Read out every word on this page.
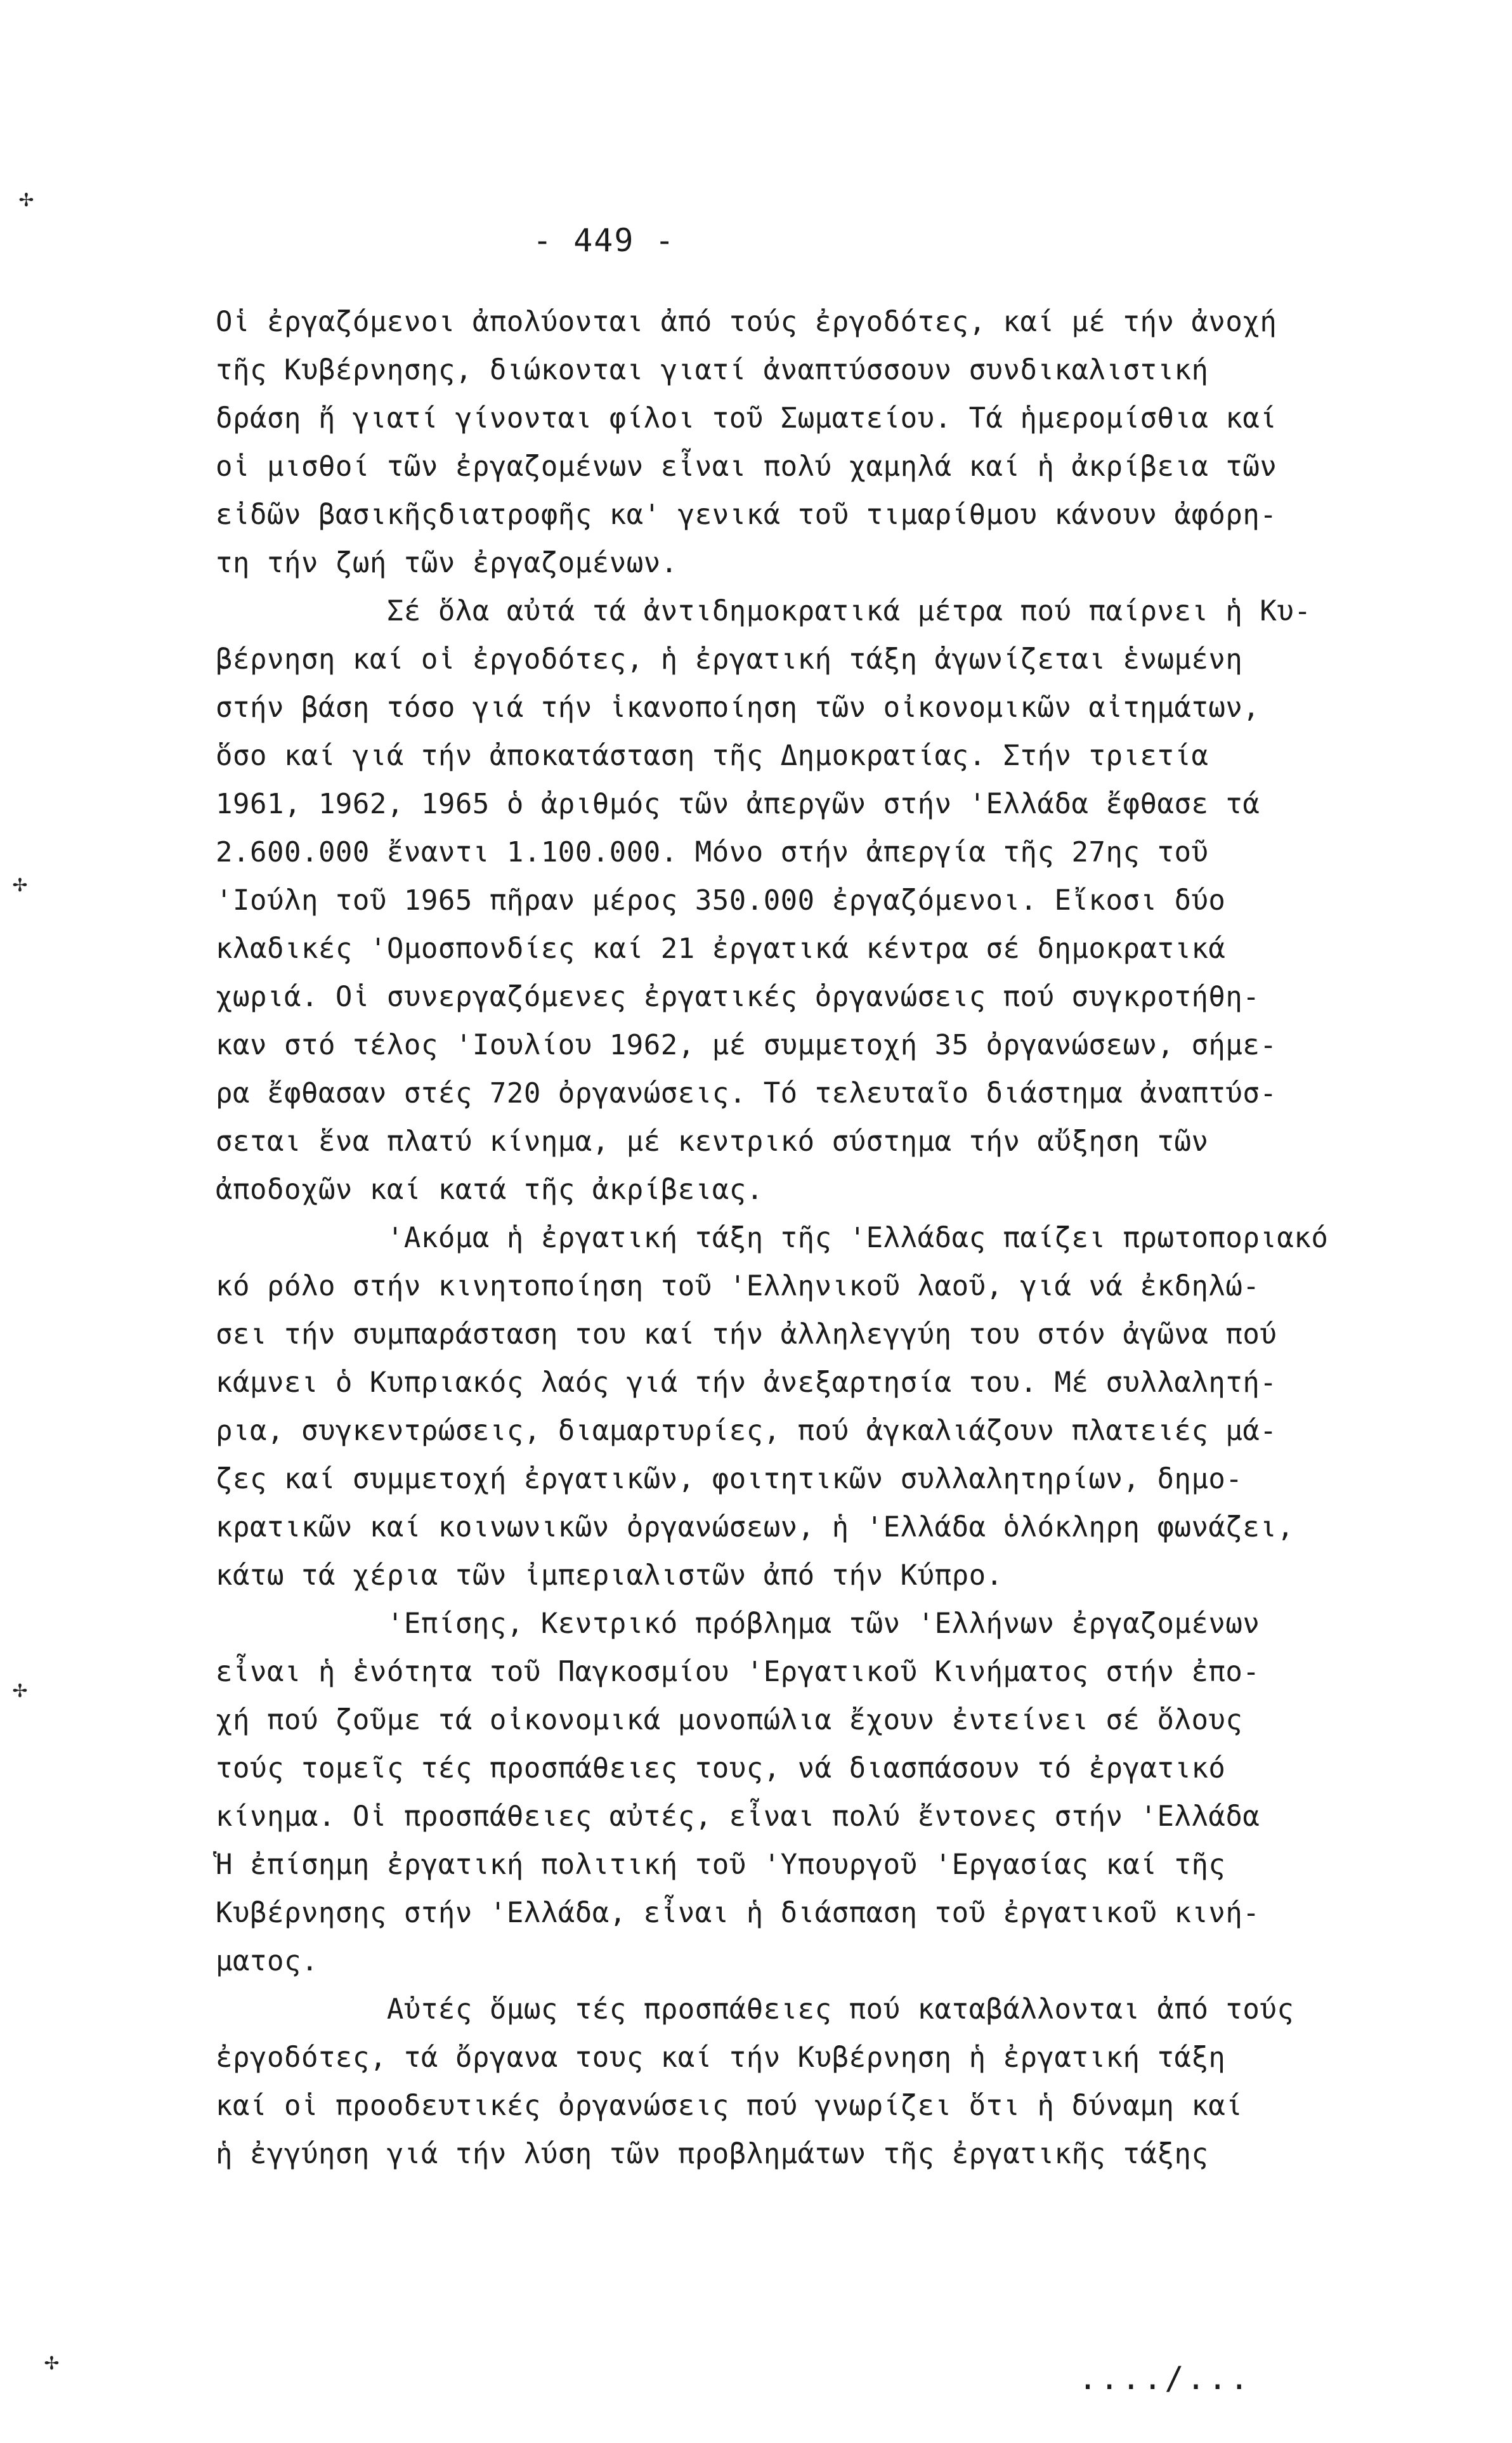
✢
✢
✢
✢
- 449 -
Οἱ ἐργαζόμενοι ἀπολύονται ἀπό τούς ἐργοδότες, καί μέ τήν ἀνοχή
τῆς Κυβέρνησης, διώκονται γιατί ἀναπτύσσουν συνδικαλιστική
δράση ἤ γιατί γίνονται φίλοι τοῦ Σωματείου. Τά ἡμερομίσθια καί
οἱ μισθοί τῶν ἐργαζομένων εἶναι πολύ χαμηλά καί ἡ ἀκρίβεια τῶν
εἰδῶν βασικῆςδιατροφῆς κα' γενικά τοῦ τιμαρίθμου κάνουν ἀφόρη-
τη τήν ζωή τῶν ἐργαζομένων.
Σέ ὅλα αὐτά τά ἀντιδημοκρατικά μέτρα πού παίρνει ἡ Κυ-
βέρνηση καί οἱ ἐργοδότες, ἡ ἐργατική τάξη ἀγωνίζεται ἑνωμένη
στήν βάση τόσο γιά τήν ἱκανοποίηση τῶν οἰκονομικῶν αἰτημάτων,
ὅσο καί γιά τήν ἀποκατάσταση τῆς Δημοκρατίας. Στήν τριετία
1961, 1962, 1965 ὁ ἀριθμός τῶν ἀπεργῶν στήν 'Ελλάδα ἔφθασε τά
2.600.000 ἔναντι 1.100.000. Μόνο στήν ἀπεργία τῆς 27ης τοῦ
'Ιούλη τοῦ 1965 πῆραν μέρος 350.000 ἐργαζόμενοι. Εἴκοσι δύο
κλαδικές 'Ομοσπονδίες καί 21 ἐργατικά κέντρα σέ δημοκρατικά
χωριά. Οἱ συνεργαζόμενες ἐργατικές ὀργανώσεις πού συγκροτήθη-
καν στό τέλος 'Ιουλίου 1962, μέ συμμετοχή 35 ὀργανώσεων, σήμε-
ρα ἔφθασαν στές 720 ὀργανώσεις. Τό τελευταῖο διάστημα ἀναπτύσ-
σεται ἕνα πλατύ κίνημα, μέ κεντρικό σύστημα τήν αὔξηση τῶν
ἀποδοχῶν καί κατά τῆς ἀκρίβειας.
'Ακόμα ἡ ἐργατική τάξη τῆς 'Ελλάδας παίζει πρωτοποριακό
κό ρόλο στήν κινητοποίηση τοῦ 'Ελληνικοῦ λαοῦ, γιά νά ἐκδηλώ-
σει τήν συμπαράσταση του καί τήν ἀλληλεγγύη του στόν ἀγῶνα πού
κάμνει ὁ Κυπριακός λαός γιά τήν ἀνεξαρτησία του. Μέ συλλαλητή-
ρια, συγκεντρώσεις, διαμαρτυρίες, πού ἀγκαλιάζουν πλατειές μά-
ζες καί συμμετοχή ἐργατικῶν, φοιτητικῶν συλλαλητηρίων, δημο-
κρατικῶν καί κοινωνικῶν ὀργανώσεων, ἡ 'Ελλάδα ὁλόκληρη φωνάζει,
κάτω τά χέρια τῶν ἰμπεριαλιστῶν ἀπό τήν Κύπρο.
'Επίσης, Κεντρικό πρόβλημα τῶν 'Ελλήνων ἐργαζομένων
εἶναι ἡ ἑνότητα τοῦ Παγκοσμίου 'Εργατικοῦ Κινήματος στήν ἐπο-
χή πού ζοῦμε τά οἰκονομικά μονοπώλια ἔχουν ἐντείνει σέ ὅλους
τούς τομεῖς τές προσπάθειες τους, νά διασπάσουν τό ἐργατικό
κίνημα. Οἱ προσπάθειες αὐτές, εἶναι πολύ ἔντονες στήν 'Ελλάδα
Ἡ ἐπίσημη ἐργατική πολιτική τοῦ 'Υπουργοῦ 'Εργασίας καί τῆς
Κυβέρνησης στήν 'Ελλάδα, εἶναι ἡ διάσπαση τοῦ ἐργατικοῦ κινή-
ματος.
Αὐτές ὅμως τές προσπάθειες πού καταβάλλονται ἀπό τούς
ἐργοδότες, τά ὄργανα τους καί τήν Κυβέρνηση ἡ ἐργατική τάξη
καί οἱ προοδευτικές ὀργανώσεις πού γνωρίζει ὅτι ἡ δύναμη καί
ἡ ἐγγύηση γιά τήν λύση τῶν προβλημάτων τῆς ἐργατικῆς τάξης
..../...
